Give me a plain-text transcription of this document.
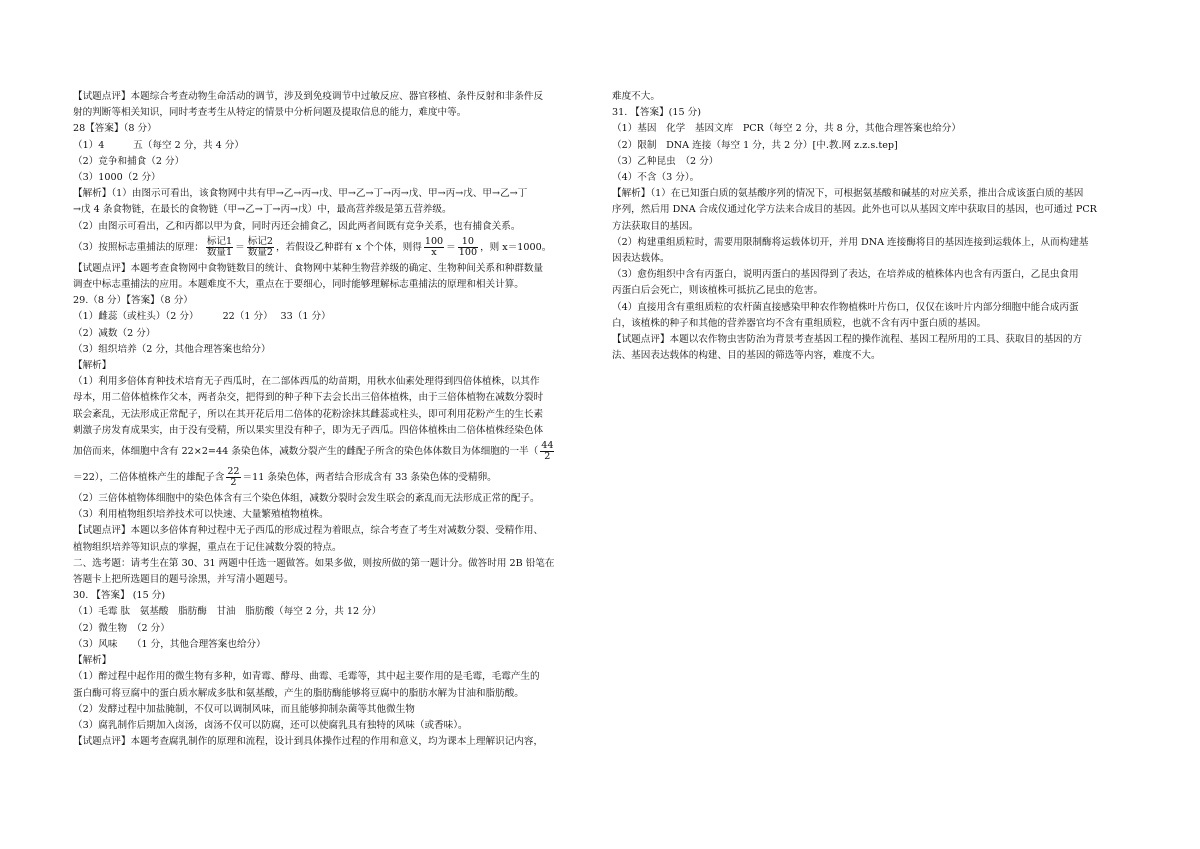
【试题点评】本题综合考查动物生命活动的调节，涉及到免疫调节中过敏反应、器官移植、条件反射和非条件反

射的判断等相关知识，同时考查考生从特定的情景中分析问题及提取信息的能力，难度中等。

28【答案】（8 分）

（1）4　　　五（每空 2 分，共 4 分）

（2）竞争和捕食（2 分）

（3）1000（2 分）

【解析】（1）由图示可看出，该食物网中共有甲→乙→丙→戊、甲→乙→丁→丙→戊、甲→丙→戊、甲→乙→丁

→戊 4 条食物链，在最长的食物链（甲→乙→丁→丙→戊）中，最高营养级是第五营养级。

（2）由图示可看出，乙和丙都以甲为食，同时丙还会捕食乙，因此两者间既有竞争关系，也有捕食关系。

（3）按照标志重捕法的原理： $\frac{\text{标记1}}{\text{数量1}} = \frac{\text{标记2}}{\text{数量2}}$ ，若假设乙种群有 x 个个体，则得 $\frac{100}{x} = \frac{10}{100}$ ，则 x＝1000。

【试题点评】本题考查食物网中食物链数目的统计、食物网中某种生物营养级的确定、生物种间关系和种群数量

调查中标志重捕法的应用。本题难度不大，重点在于要细心，同时能够理解标志重捕法的原理和相关计算。

29.（8 分）【答案】（8 分）

（1）雌蕊（或柱头）（2 分）　　　22（1 分）　 33（1 分）

（2）减数（2 分）

（3）组织培养（2 分，其他合理答案也给分）

【解析】

（1）利用多倍体育种技术培育无子西瓜时，在二部体西瓜的幼苗期，用秋水仙素处理得到四倍体植株，以其作

母本，用二倍体植株作父本，两者杂交，把得到的种子种下去会长出三倍体植株，由于三倍体植物在减数分裂时

联会紊乱，无法形成正常配子，所以在其开花后用二倍体的花粉涂抹其雌蕊或柱头，即可利用花粉产生的生长素

刺激子房发育成果实，由于没有受精，所以果实里没有种子，即为无子西瓜。四倍体植株由二倍体植株经染色体

加倍而来，体细胞中含有 22×2=44 条染色体，减数分裂产生的雌配子所含的染色体体数目为体细胞的一半（ $\frac{44}{2}$

＝22），二倍体植株产生的雄配子含 $\frac{22}{2} =11$ 条染色体，两者结合形成含有 33 条染色体的受精卵。

（2）三倍体植物体细胞中的染色体含有三个染色体组，减数分裂时会发生联会的紊乱而无法形成正常的配子。

（3）利用植物组织培养技术可以快速、大量繁殖植物植株。

【试题点评】本题以多倍体育种过程中无子西瓜的形成过程为着眼点，综合考查了考生对减数分裂、受精作用、

植物组织培养等知识点的掌握，重点在于记住减数分裂的特点。

二、选考题：请考生在第 30、31 两题中任选一题做答。如果多做，则按所做的第一题计分。做答时用 2B 铅笔在

答题卡上把所选题目的题号涂黑，并写清小题题号。

30. 【答案】 (15 分)

（1）毛霉 肽　氨基酸　脂肪酶　甘油　脂肪酸（每空 2 分，共 12 分）

（2）微生物　（2 分）

（3）风味　　（1 分，其他合理答案也给分）

【解析】

（1）醉过程中起作用的微生物有多种，如青霉、酵母、曲霉、毛霉等，其中起主要作用的是毛霉，毛霉产生的

蛋白酶可将豆腐中的蛋白质水解成多肽和氨基酸，产生的脂肪酶能够将豆腐中的脂肪水解为甘油和脂肪酸。

（2）发酵过程中加盐腌制，不仅可以调制风味，而且能够抑制杂菌等其他微生物

（3）腐乳制作后期加入卤汤，卤汤不仅可以防腐，还可以使腐乳具有独特的风味（或香味）。

【试题点评】本题考查腐乳制作的原理和流程，设计到具体操作过程的作用和意义，均为课本上理解识记内容，

难度不大。

31. 【答案】(15 分)

（1）基因　化学　基因文库　PCR（每空 2 分，共 8 分，其他合理答案也给分）

（2）限制　DNA 连接（每空 1 分，共 2 分）[中.教.网 z.z.s.tep]

（3）乙种昆虫　（2 分）

（4）不含（3 分）。

【解析】（1）在已知蛋白质的氨基酸序列的情况下，可根据氨基酸和碱基的对应关系，推出合成该蛋白质的基因

序列，然后用 DNA 合成仪通过化学方法来合成目的基因。此外也可以从基因文库中获取目的基因，也可通过 PCR

方法获取目的基因。

（2）构建重组质粒时，需要用限制酶将运载体切开，并用 DNA 连接酶将目的基因连接到运载体上，从而构建基

因表达载体。

（3）愈伤组织中含有丙蛋白，说明丙蛋白的基因得到了表达，在培养成的植株体内也含有丙蛋白，乙昆虫食用

丙蛋白后会死亡，则该植株可抵抗乙昆虫的危害。

（4）直接用含有重组质粒的农杆菌直接感染甲种农作物植株叶片伤口，仅仅在该叶片内部分细胞中能合成丙蛋

白，该植株的种子和其他的营养器官均不含有重组质粒，也就不含有丙中蛋白质的基因。

【试题点评】本题以农作物虫害防治为背景考查基因工程的操作流程、基因工程所用的工具、获取目的基因的方

法、基因表达载体的构建、目的基因的筛选等内容，难度不大。
